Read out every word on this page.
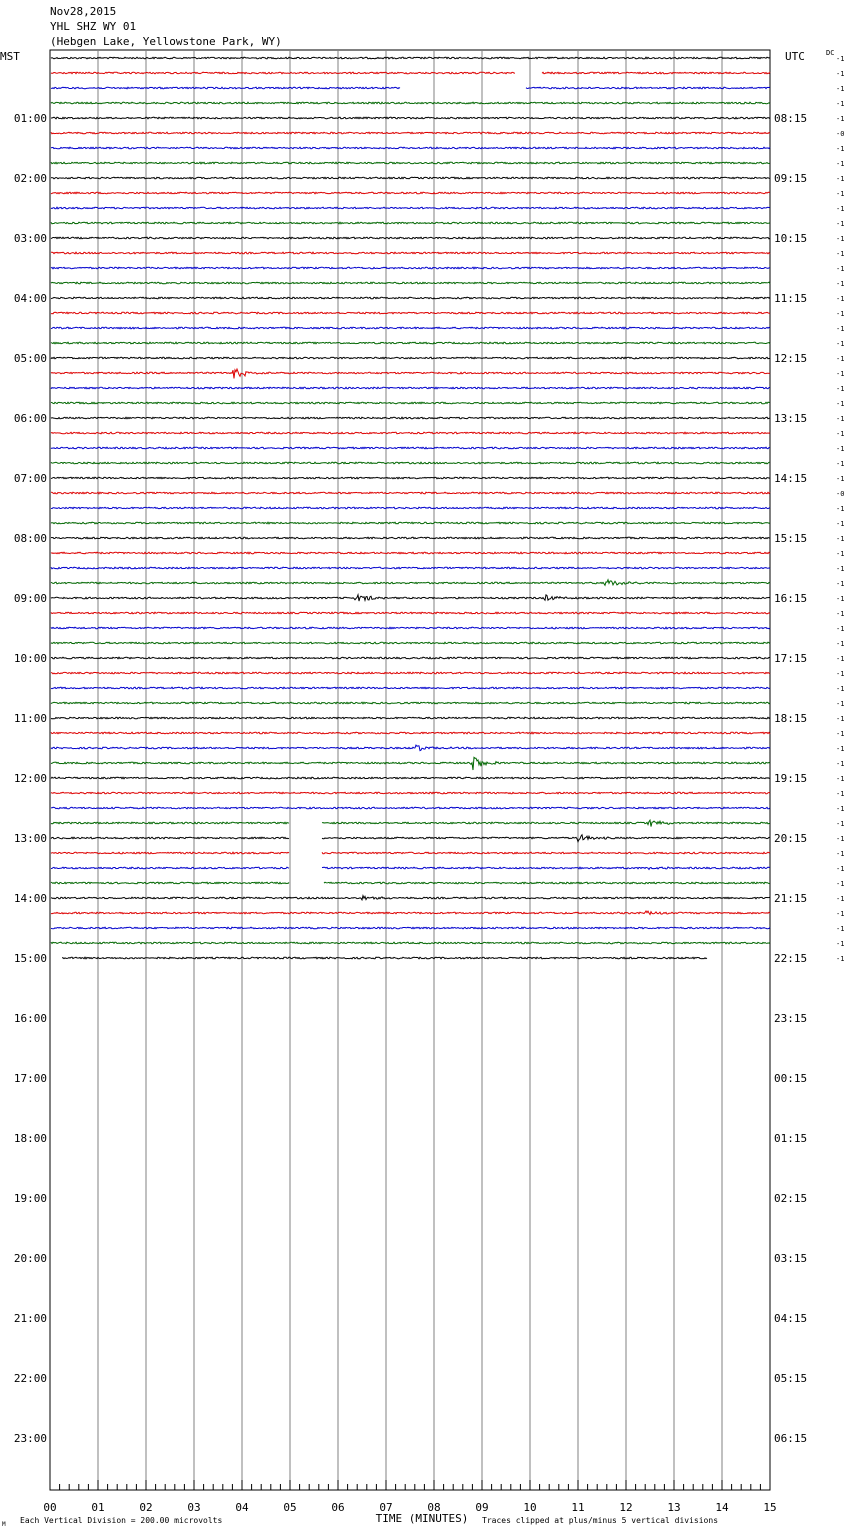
Nov28,2015
YHL SHZ WY 01
(Hebgen Lake, Yellowstone Park, WY)
MST	UTC	-1
-1
-1
-1
-1
-0
-1
-1
-1
-1
-1
-1
-1
-1
-1
-1
-1
-1
-1
-1
-1
-1
-1
-1
-1
-1
-1
-1
-1
-0
-1
-1
-1
-1
-1
-1
-1
-1
-1
-1
-1
-1
-1
-1
-1
-1
-1
-1
-1
-1
-1
-1
-1
-1
-1
-1
-1
-1
-1
-1
-1
DC
01:00
02:00
03:00
04:00
05:00
06:00
07:00
08:00
09:00
10:00
11:00
12:00
13:00
14:00
15:00
16:00
17:00
18:00
19:00
20:00
21:00
22:00
23:00
08:15
09:15
10:15
11:15
12:15
13:15
14:15
15:15
16:15
17:15
18:15
19:15
20:15
21:15
22:15
23:15
00:15
01:15
02:15
03:15
04:15
05:15
06:15
00	01	02	03	04	05	06	07	08	09	10	11	12	13	14	15
Each Vertical Division = 200.00 microvolts	TIME (MINUTES) Traces clipped at plus/minus 5 vertical divisions
M
